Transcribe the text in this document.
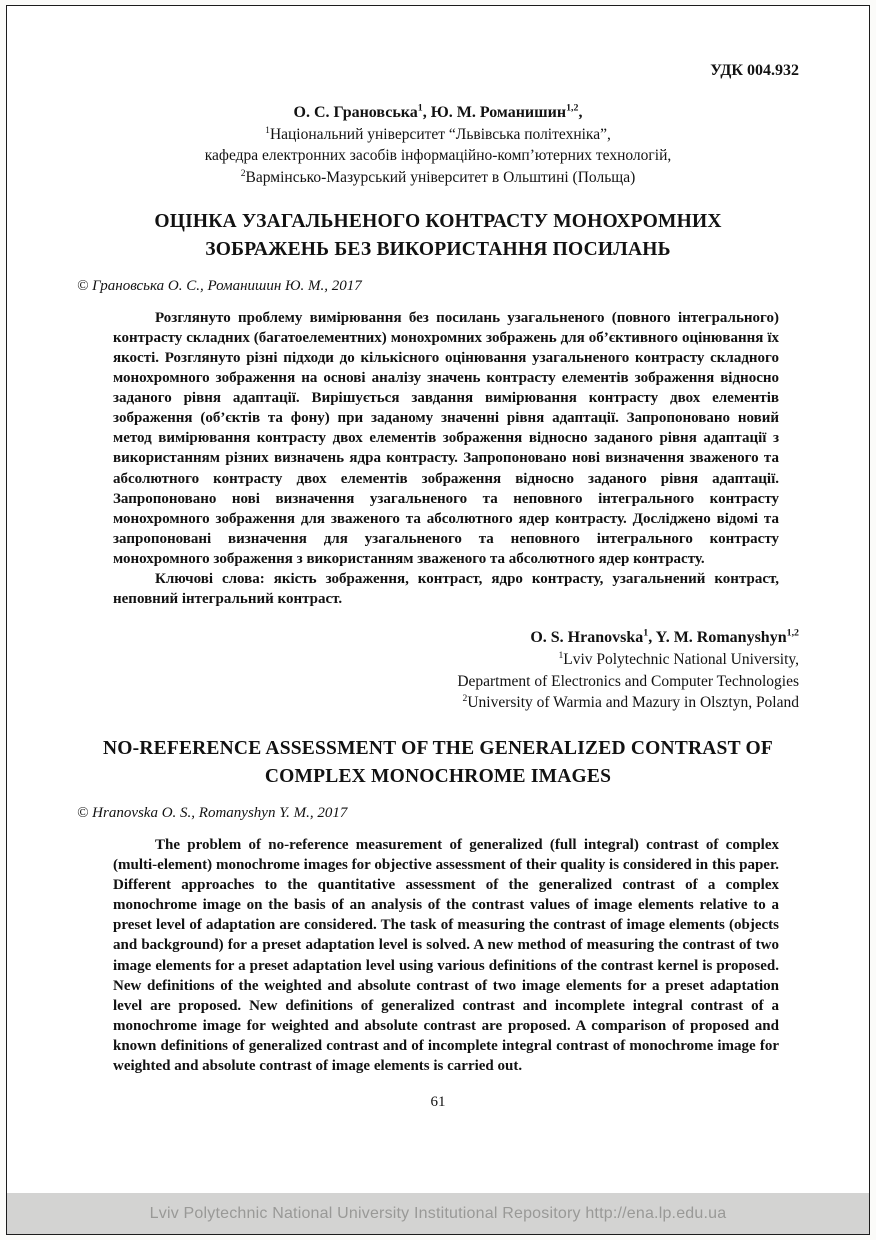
УДК 004.932
О. С. Грановська$^1$, Ю. М. Романишин$^{1,2}$,
$^1$Національний університет “Львівська політехніка”,
кафедра електронних засобів інформаційно-комп’ютерних технологій,
$^2$Вармінсько-Мазурський університет в Ольштині (Польща)
ОЦІНКА УЗАГАЛЬНЕНОГО КОНТРАСТУ МОНОХРОМНИХ ЗОБРАЖЕНЬ БЕЗ ВИКОРИСТАННЯ ПОСИЛАНЬ
© Грановська О. С., Романишин Ю. М., 2017

Розглянуто проблему вимірювання без посилань узагальненого (повного інтегрального) контрасту складних (багатоелементних) монохромних зображень для об’єктивного оцінювання їх якості. Розглянуто різні підходи до кількісного оцінювання узагальненого контрасту складного монохромного зображення на основі аналізу значень контрасту елементів зображення відносно заданого рівня адаптації. Вирішується завдання вимірювання контрасту двох елементів зображення (об’єктів та фону) при заданому значенні рівня адаптації. Запропоновано новий метод вимірювання контрасту двох елементів зображення відносно заданого рівня адаптації з використанням різних визначень ядра контрасту. Запропоновано нові визначення зваженого та абсолютного контрасту двох елементів зображення відносно заданого рівня адаптації. Запропоновано нові визначення узагальненого та неповного інтегрального контрасту монохромного зображення для зваженого та абсолютного ядер контрасту. Досліджено відомі та запропоновані визначення для узагальненого та неповного інтегрального контрасту монохромного зображення з використанням зваженого та абсолютного ядер контрасту.

Ключові слова: якість зображення, контраст, ядро контрасту, узагальнений контраст, неповний інтегральний контраст.

O. S. Hranovska$^1$, Y. M. Romanyshyn$^{1,2}$
$^1$Lviv Polytechnic National University,
Department of Electronics and Computer Technologies
$^2$University of Warmia and Mazury in Olsztyn, Poland
NO-REFERENCE ASSESSMENT OF THE GENERALIZED CONTRAST OF COMPLEX MONOCHROME IMAGES
© Hranovska O. S., Romanyshyn Y. M., 2017

The problem of no-reference measurement of generalized (full integral) contrast of complex (multi-element) monochrome images for objective assessment of their quality is considered in this paper. Different approaches to the quantitative assessment of the generalized contrast of a complex monochrome image on the basis of an analysis of the contrast values of image elements relative to a preset level of adaptation are considered. The task of measuring the contrast of image elements (objects and background) for a preset adaptation level is solved. A new method of measuring the contrast of two image elements for a preset adaptation level using various definitions of the contrast kernel is proposed. New definitions of the weighted and absolute contrast of two image elements for a preset adaptation level are proposed. New definitions of generalized contrast and incomplete integral contrast of a monochrome image for weighted and absolute contrast are proposed. A comparison of proposed and known definitions of generalized contrast and of incomplete integral contrast of monochrome image for weighted and absolute contrast of image elements is carried out.

61
Lviv Polytechnic National University Institutional Repository http://ena.lp.edu.ua
